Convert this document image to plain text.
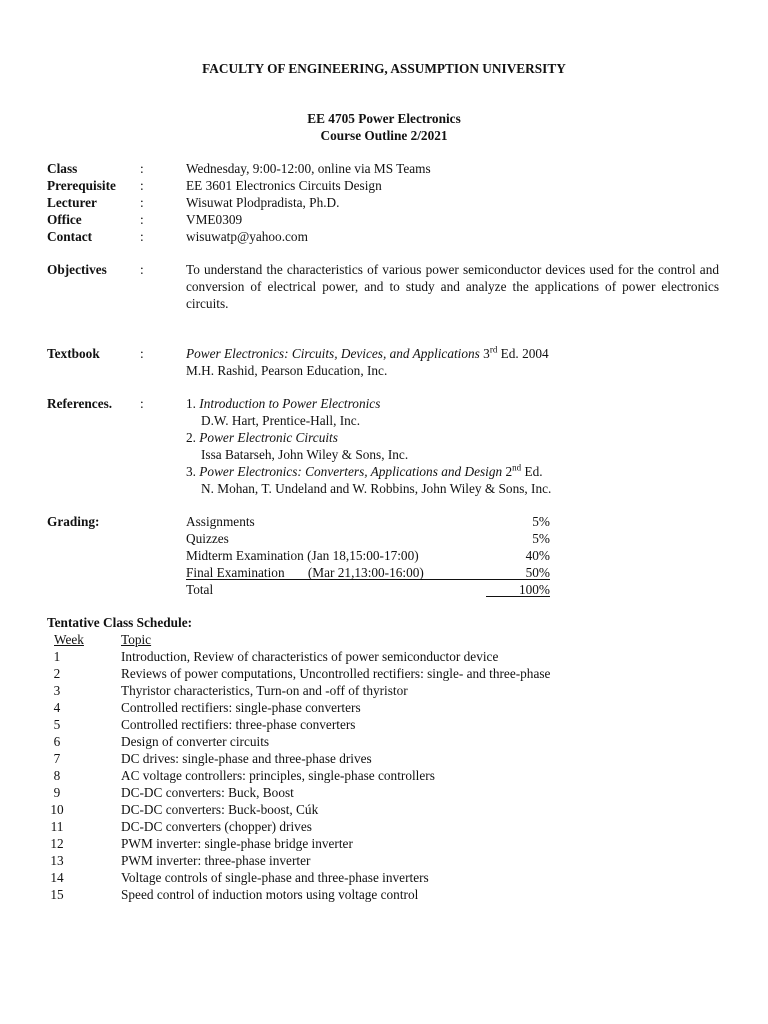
FACULTY OF ENGINEERING, ASSUMPTION UNIVERSITY
EE 4705 Power Electronics
Course Outline 2/2021
Class	:	Wednesday, 9:00-12:00, online via MS Teams
Prerequisite :	EE 3601 Electronics Circuits Design
Lecturer	:	Wisuwat Plodpradista, Ph.D.
Office	:	VME0309
Contact	:	wisuwatp@yahoo.com
Objectives :	To understand the characteristics of various power semiconductor devices used for the control and conversion of electrical power, and to study and analyze the applications of power electronics circuits.
Textbook	:	Power Electronics: Circuits, Devices, and Applications 3rd Ed. 2004
M.H. Rashid, Pearson Education, Inc.
References. :	1. Introduction to Power Electronics
D.W. Hart, Prentice-Hall, Inc.
2. Power Electronic Circuits
Issa Batarseh, John Wiley & Sons, Inc.
3. Power Electronics: Converters, Applications and Design 2nd Ed.
N. Mohan, T. Undeland and W. Robbins, John Wiley & Sons, Inc.
Grading:	Assignments	5%
Quizzes	5%
Midterm Examination (Jan 18,15:00-17:00)	40%
Final Examination       (Mar 21,13:00-16:00)	50%
Total	100%
Tentative Class Schedule:
Week	Topic
1	Introduction, Review of characteristics of power semiconductor device
2	Reviews of power computations, Uncontrolled rectifiers: single- and three-phase
3	Thyristor characteristics, Turn-on and -off of thyristor
4	Controlled rectifiers: single-phase converters
5	Controlled rectifiers: three-phase converters
6	Design of converter circuits
7	DC drives: single-phase and three-phase drives
8	AC voltage controllers: principles, single-phase controllers
9	DC-DC converters: Buck, Boost
10	DC-DC converters: Buck-boost, Cúk
11	DC-DC converters (chopper) drives
12	PWM inverter: single-phase bridge inverter
13	PWM inverter: three-phase inverter
14	Voltage controls of single-phase and three-phase inverters
15	Speed control of induction motors using voltage control
